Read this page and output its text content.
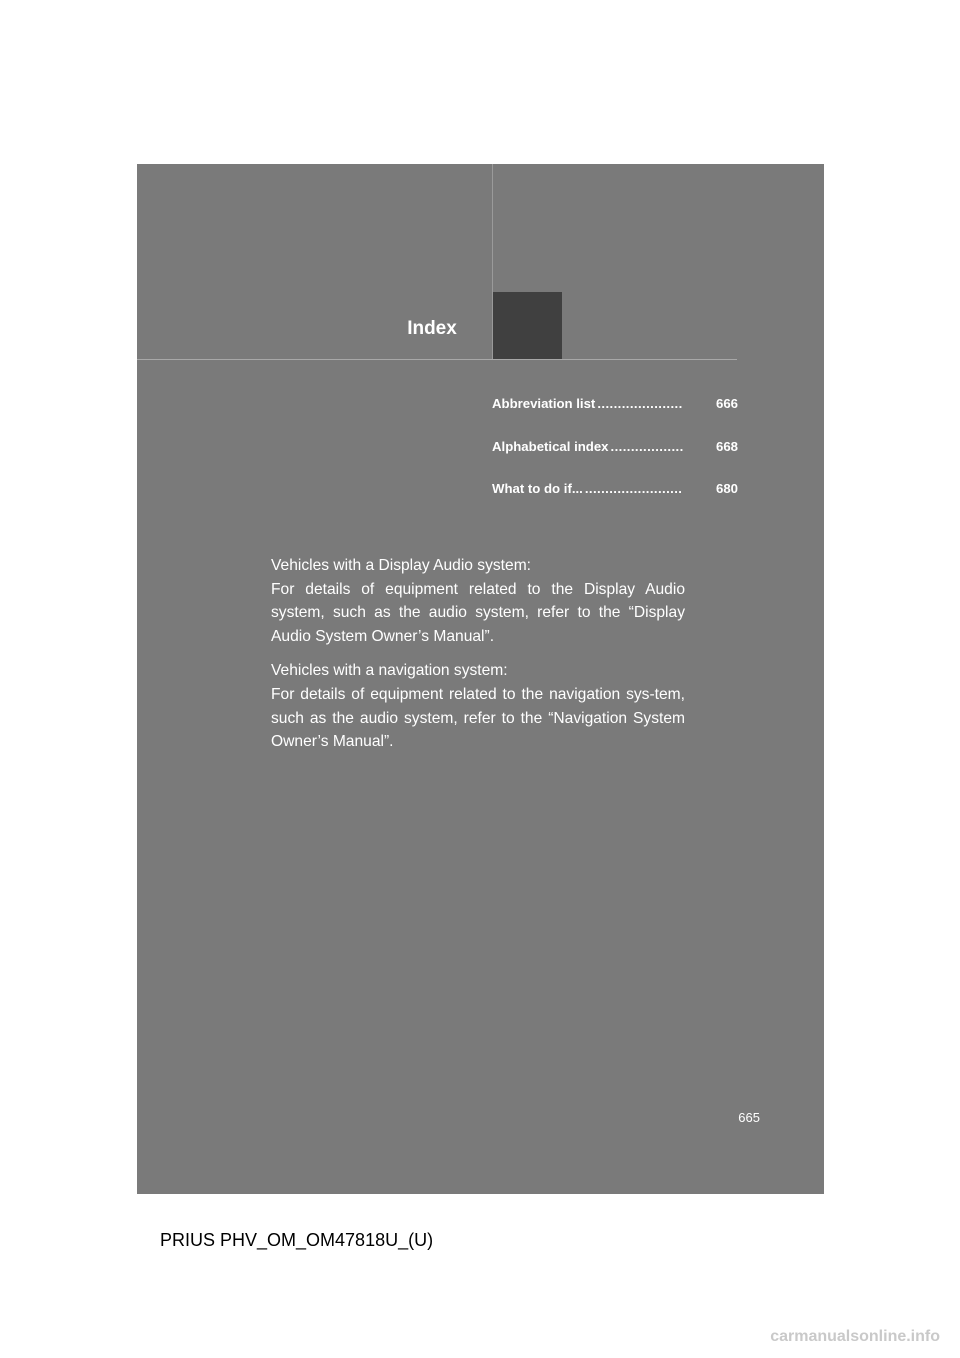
Index
Abbreviation list .....................	666
Alphabetical index ..................	668
What to do if... ........................	680

Vehicles with a Display Audio system:
For details of equipment related to the Display Audio system, such as the audio system, refer to the “Display Audio System Owner’s Manual”.

Vehicles with a navigation system:
For details of equipment related to the navigation sys-tem, such as the audio system, refer to the “Navigation System Owner’s Manual”.

665
PRIUS PHV_OM_OM47818U_(U)
carmanualsonline.info
